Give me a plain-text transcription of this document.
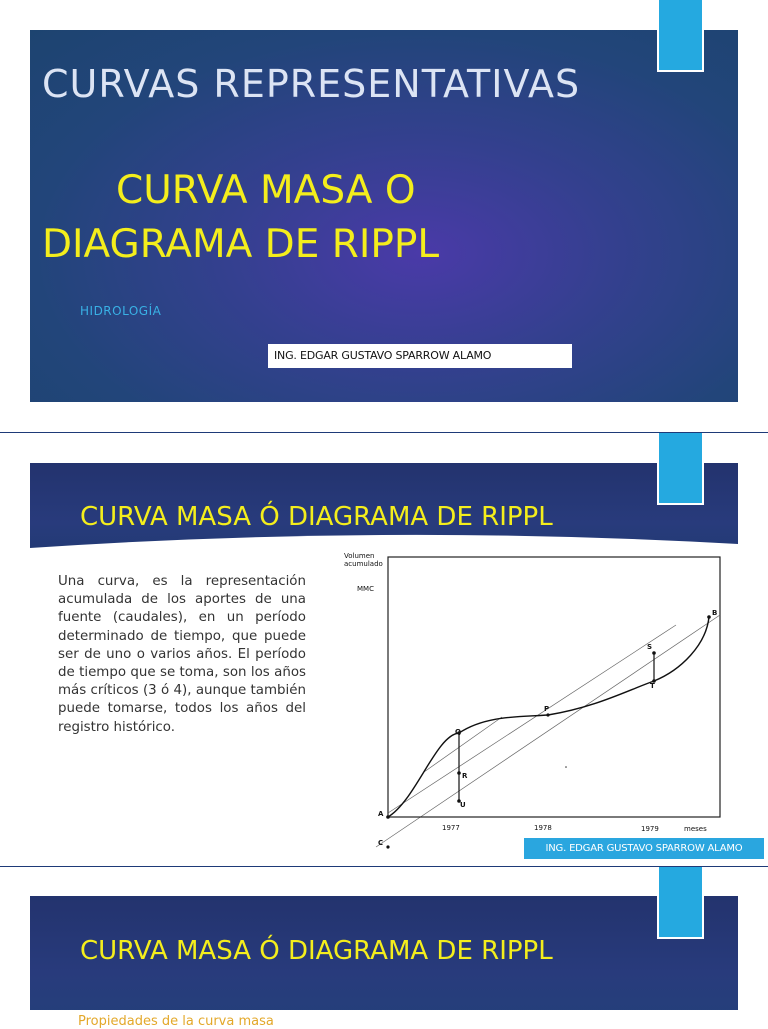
CURVAS REPRESENTATIVAS
CURVA MASA O
DIAGRAMA DE RIPPL
HIDROLOGÍA
ING. EDGAR GUSTAVO SPARROW ALAMO
CURVA MASA Ó DIAGRAMA DE RIPPL
Una curva, es la representación acumulada de los aportes de una fuente (caudales), en un período determinado de tiempo, que puede ser de uno o varios años. El período de tiempo que se toma, son los años más críticos (3 ó 4), aunque también puede tomarse, todos los años del registro histórico.
Volumen
acumulado
MMC
A
B
C
P
Q
R
S
T
U
1977	1978	1979	meses
ING. EDGAR GUSTAVO SPARROW ALAMO
CURVA MASA Ó DIAGRAMA DE RIPPL
Propiedades de la curva masa
